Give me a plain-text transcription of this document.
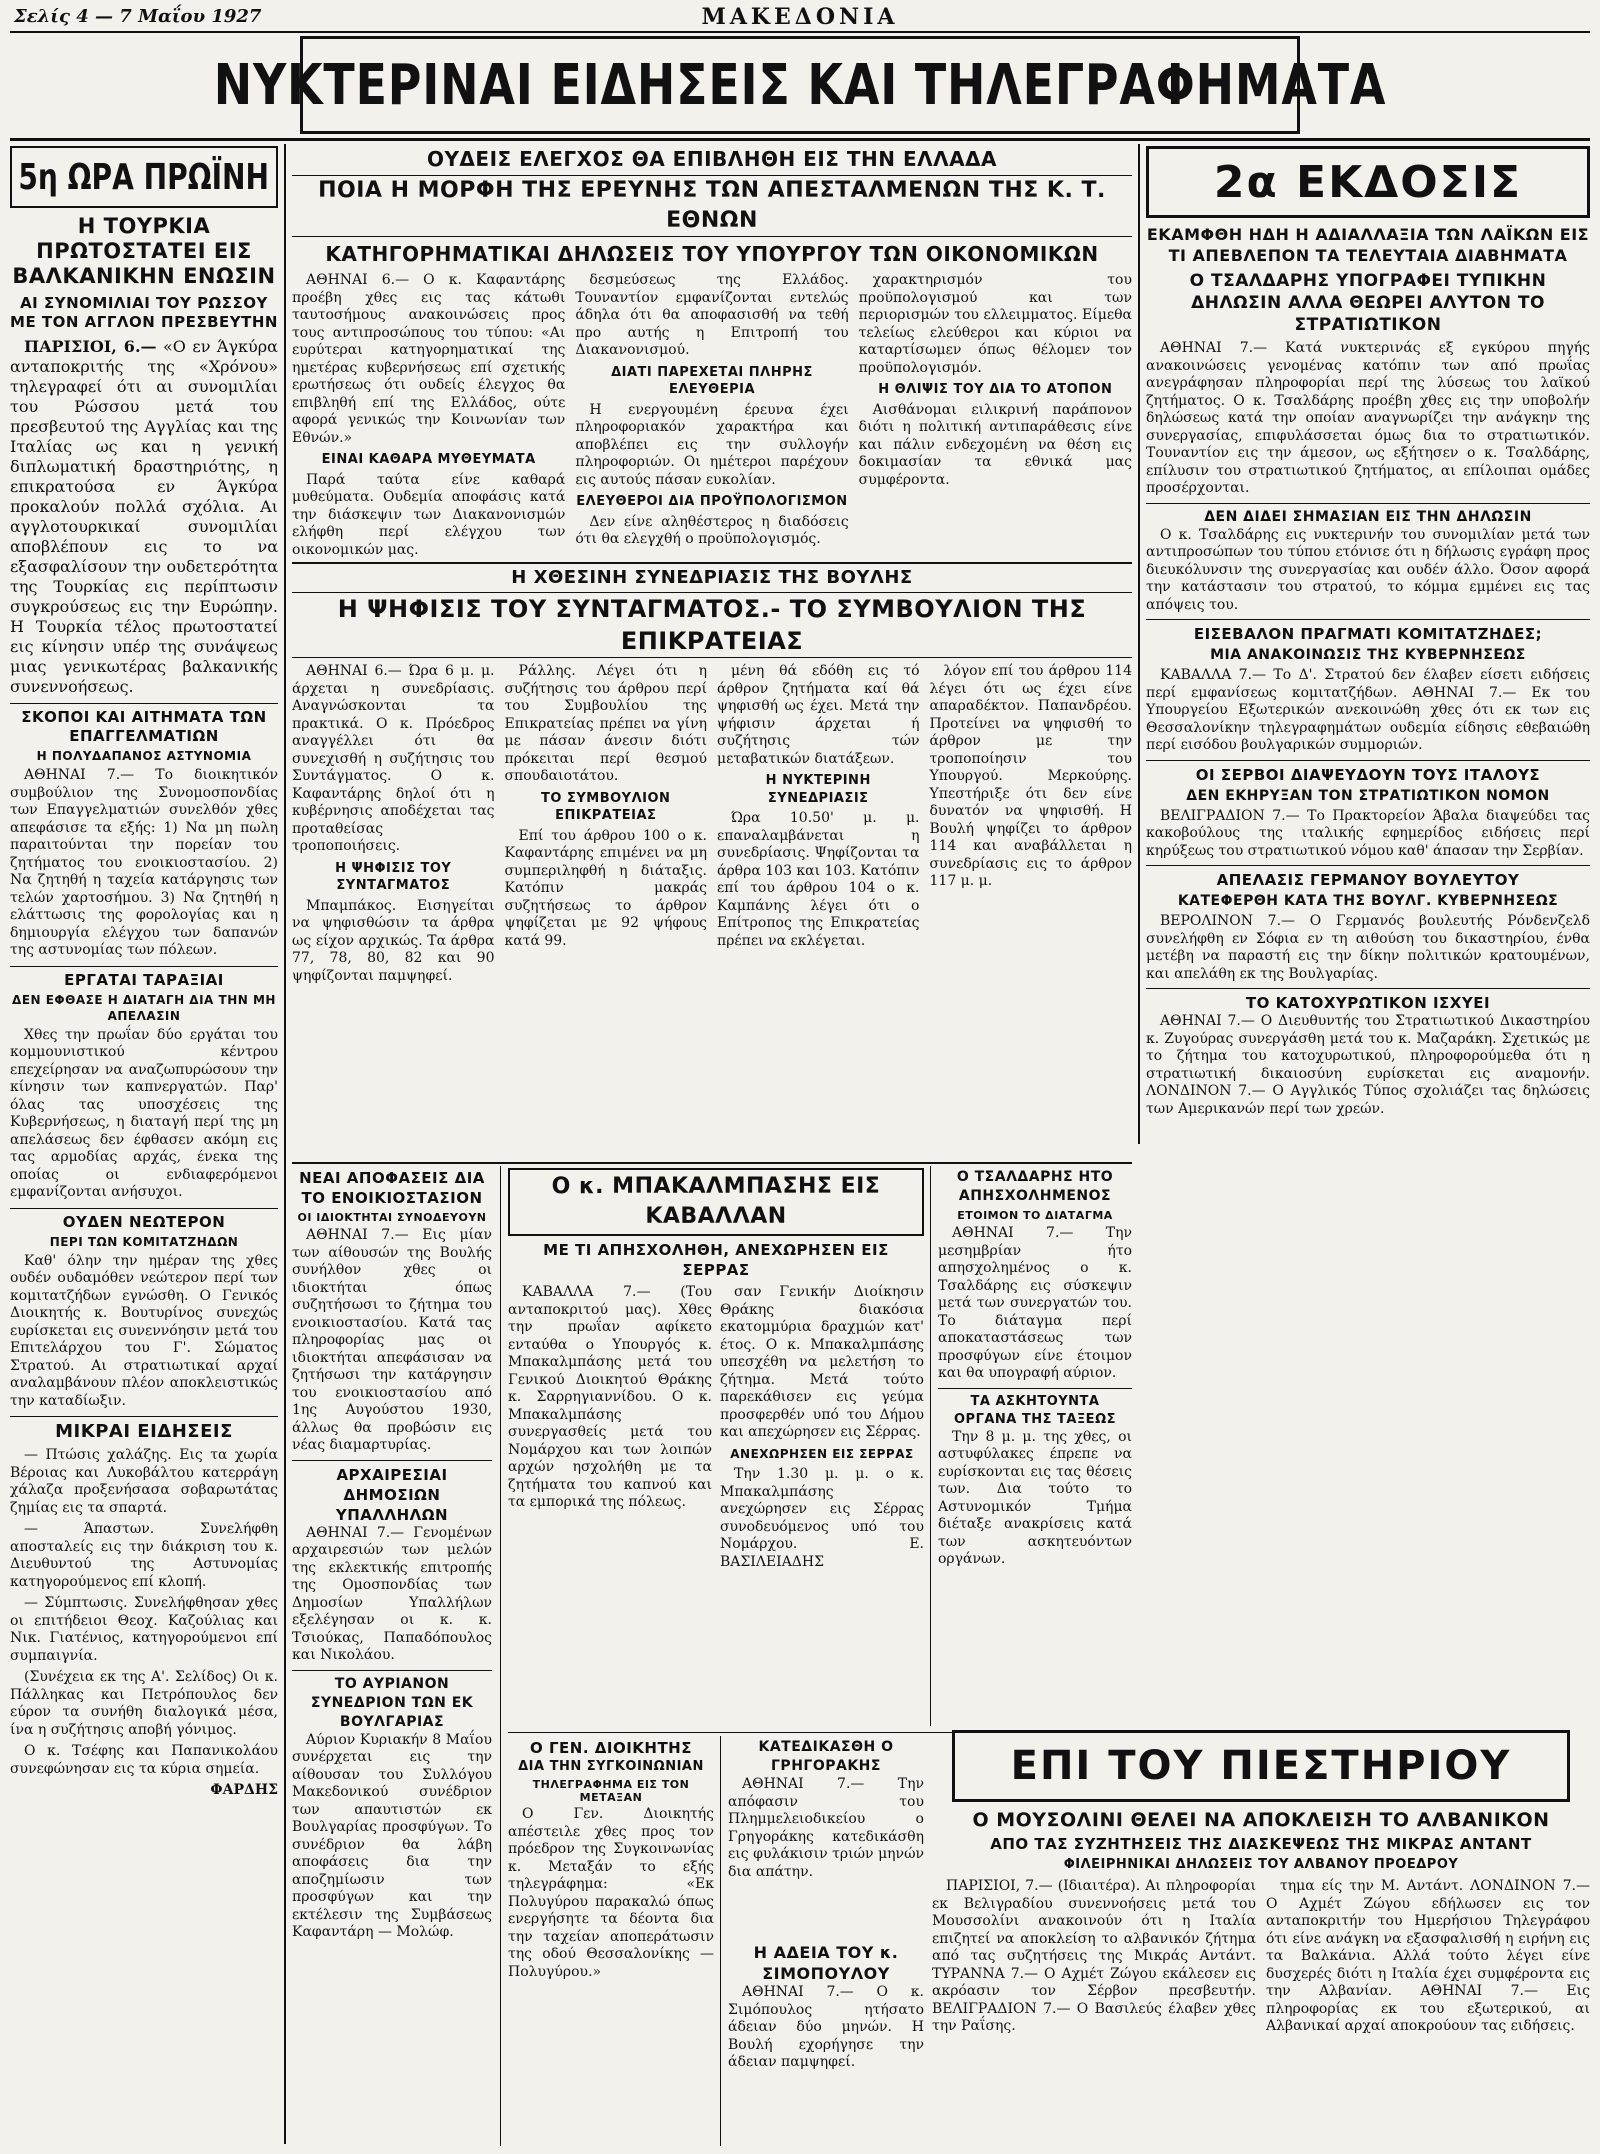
Σελίς 4 — 7 Μαΐου 1927	ΜΑΚΕΔΟΝΙΑ
ΝΥΚΤΕΡΙΝΑΙ ΕΙΔΗΣΕΙΣ ΚΑΙ ΤΗΛΕΓΡΑΦΗΜΑΤΑ
5η ΩΡΑ ΠΡΩΪΝΗ
Η ΤΟΥΡΚΙΑ ΠΡΩΤΟΣΤΑΤΕΙ ΕΙΣ ΒΑΛΚΑΝΙΚΗΝ ΕΝΩΣΙΝ
ΑΙ ΣΥΝΟΜΙΛΙΑΙ ΤΟΥ ΡΩΣΣΟΥ ΜΕ ΤΟΝ ΑΓΓΛΟΝ ΠΡΕΣΒΕΥΤΗΝ

ΠΑΡΙΣΙΟΙ, 6.— «Ο εν Άγκύρα ανταποκριτής της «Χρόνου» τηλεγραφεί ότι αι συνομιλίαι του Ρώσσου μετά του πρεσβευτού της Αγγλίας και της Ιταλίας ως και η γενική διπλωματική δραστηριότης, η επικρατούσα εν Άγκύρα προκαλούν πολλά σχόλια. Αι αγγλοτουρκικαί συνομιλίαι αποβλέπουν εις το να εξασφαλίσουν την ουδετερότητα της Τουρκίας εις περίπτωσιν συγκρούσεως εις την Ευρώπην. Η Τουρκία τέλος πρωτοστατεί εις κίνησιν υπέρ της συνάψεως μιας γενικωτέρας βαλκανικής συνεννοήσεως.

ΣΚΟΠΟΙ ΚΑΙ ΑΙΤΗΜΑΤΑ ΤΩΝ ΕΠΑΓΓΕΛΜΑΤΙΩΝ
Η ΠΟΛΥΔΑΠΑΝΟΣ ΑΣΤΥΝΟΜΙΑ

ΑΘΗΝΑΙ 7.— Το διοικητικόν συμβούλιον της Συνομοσπονδίας των Επαγγελματιών συνελθόν χθες απεφάσισε τα εξής: 1) Να μη πωλη παραιτούνται την πορείαν του ζητήματος του ενοικιοστασίου. 2) Να ζητηθή η ταχεία κατάργησις των τελών χαρτοσήμου. 3) Να ζητηθή η ελάττωσις της φορολογίας και η δημιουργία ελέγχου των δαπανών της αστυνομίας των πόλεων.

ΕΡΓΑΤΑΙ ΤΑΡΑΞΙΑΙ
ΔΕΝ ΕΦΘΑΣΕ Η ΔΙΑΤΑΓΗ ΔΙΑ ΤΗΝ ΜΗ ΑΠΕΛΑΣΙΝ

Χθες την πρωΐαν δύο εργάται του κομμουνιστικού κέντρου επεχείρησαν να αναζωπυρώσουν την κίνησιν των καπνεργατών. Παρ' όλας τας υποσχέσεις της Κυβερνήσεως, η διαταγή περί της μη απελάσεως δεν έφθασεν ακόμη εις τας αρμοδίας αρχάς, ένεκα της οποίας οι ενδιαφερόμενοι εμφανίζονται ανήσυχοι.

ΟΥΔΕΝ ΝΕΩΤΕΡΟΝ
ΠΕΡΙ ΤΩΝ ΚΟΜΙΤΑΤΖΗΔΩΝ

Καθ' όλην την ημέραν της χθες ουδέν ουδαμόθεν νεώτερον περί των κομιτατζήδων εγνώσθη. Ο Γενικός Διοικητής κ. Βουτυρίνος συνεχώς ευρίσκεται εις συνεννόησιν μετά του Επιτελάρχου του Γ'. Σώματος Στρατού. Αι στρατιωτικαί αρχαί αναλαμβάνουν πλέον αποκλειστικώς την καταδίωξιν.

ΜΙΚΡΑΙ ΕΙΔΗΣΕΙΣ

— Πτώσις χαλάζης. Εις τα χωρία Βέροιας και Λυκοβάλτου κατερράγη χάλαζα προξενήσασα σοβαρωτάτας ζημίας εις τα σπαρτά.

— Άπαστων. Συνελήφθη αποσταλείς εις την διάκριση του κ. Διευθυντού της Αστυνομίας κατηγορούμενος επί κλοπή.

— Σύμπτωσις. Συνελήφθησαν χθες οι επιτήδειοι Θεοχ. Καζούλιας και Νικ. Γιατένιος, κατηγορούμενοι επί συμπαιγνία.

(Συνέχεια εκ της Α'. Σελίδος) Οι κ. Πάλληκας και Πετρόπουλος δεν εύρον τα συνήθη διαλογικά μέσα, ίνα η συζήτησις αποβή γόνιμος.

Ο κ. Τσέφης και Παπανικολάου συνεφώνησαν εις τα κύρια σημεία.

ΦΑΡΔΗΣ

ΟΥΔΕΙΣ ΕΛΕΓΧΟΣ ΘΑ ΕΠΙΒΛΗΘΗ ΕΙΣ ΤΗΝ ΕΛΛΑΔΑ
ΠΟΙΑ Η ΜΟΡΦΗ ΤΗΣ ΕΡΕΥΝΗΣ ΤΩΝ ΑΠΕΣΤΑΛΜΕΝΩΝ ΤΗΣ Κ. Τ. ΕΘΝΩΝ
ΚΑΤΗΓΟΡΗΜΑΤΙΚΑΙ ΔΗΛΩΣΕΙΣ ΤΟΥ ΥΠΟΥΡΓΟΥ ΤΩΝ ΟΙΚΟΝΟΜΙΚΩΝ

ΑΘΗΝΑΙ 6.— Ο κ. Καφαντάρης προέβη χθες εις τας κάτωθι ταυτοσήμους ανακοινώσεις προς τους αντιπροσώπους του τύπου: «Αι ευρύτεραι κατηγορηματικαί της ημετέρας κυβερνήσεως επί σχετικής ερωτήσεως ότι ουδείς έλεγχος θα επιβληθή επί της Ελλάδος, ούτε αφορά γενικώς την Κοινωνίαν των Εθνών.»

ΕΙΝΑΙ ΚΑΘΑΡΑ ΜΥΘΕΥΜΑΤΑ

Παρά ταύτα είνε καθαρά μυθεύματα. Ουδεμία αποφάσις κατά την διάσκεψιν των Διακανονισμών ελήφθη περί ελέγχου των οικονομικών μας.

δεσμεύσεως της Ελλάδος. Τουναντίον εμφανίζονται εντελώς άδηλα ότι θα αποφασισθή να τεθή προ αυτής η Επιτροπή του Διακανονισμού.

ΔΙΑΤΙ ΠΑΡΕΧΕΤΑΙ ΠΛΗΡΗΣ ΕΛΕΥΘΕΡΙΑ

Η ενεργουμένη έρευνα έχει πληροφοριακόν χαρακτήρα και αποβλέπει εις την συλλογήν πληροφοριών. Οι ημέτεροι παρέχουν εις αυτούς πάσαν ευκολίαν.

ΕΛΕΥΘΕΡΟΙ ΔΙΑ ΠΡΟΫΠΟΛΟΓΙΣΜΟΝ

Δεν είνε αληθέστερος η διαδόσεις ότι θα ελεγχθή ο προϋπολογισμός.

χαρακτηρισμόν του προϋπολογισμού και των περιορισμών του ελλειμματος. Είμεθα τελείως ελεύθεροι και κύριοι να καταρτίσωμεν όπως θέλομεν τον προϋπολογισμόν.

Η ΘΛΙΨΙΣ ΤΟΥ ΔΙΑ ΤΟ ΑΤΟΠΟΝ

Αισθάνομαι ειλικρινή παράπονον διότι η πολιτική αντιπαράθεσις είνε και πάλιν ενδεχομένη να θέση εις δοκιμασίαν τα εθνικά μας συμφέροντα.

2α ΕΚΔΟΣΙΣ
ΕΚΑΜΦΘΗ ΗΔΗ Η ΑΔΙΑΛΛΑΞΙΑ ΤΩΝ ΛΑΪΚΩΝ ΕΙΣ ΤΙ ΑΠΕΒΛΕΠΟΝ ΤΑ ΤΕΛΕΥΤΑΙΑ ΔΙΑΒΗΜΑΤΑ
Ο ΤΣΑΛΔΑΡΗΣ ΥΠΟΓΡΑΦΕΙ ΤΥΠΙΚΗΝ ΔΗΛΩΣΙΝ ΑΛΛΑ ΘΕΩΡΕΙ ΑΛΥΤΟΝ ΤΟ ΣΤΡΑΤΙΩΤΙΚΟΝ

ΑΘΗΝΑΙ 7.— Κατά νυκτερινάς εξ εγκύρου πηγής ανακοινώσεις γενομένας κατόπιν των από πρωΐας ανεγράφησαν πληροφορίαι περί της λύσεως του λαϊκού ζητήματος. Ο κ. Τσαλδάρης προέβη χθες εις την υποβολήν δηλώσεως κατά την οποίαν αναγνωρίζει την ανάγκην της συνεργασίας, επιφυλάσσεται όμως δια το στρατιωτικόν. Τουναντίον εις την άμεσον, ως εξήτησεν ο κ. Τσαλδάρης, επίλυσιν του στρατιωτικού ζητήματος, αι επίλοιπαι ομάδες προσέρχονται.

ΔΕΝ ΔΙΔΕΙ ΣΗΜΑΣΙΑΝ ΕΙΣ ΤΗΝ ΔΗΛΩΣΙΝ

Ο κ. Τσαλδάρης εις νυκτερινήν του συνομιλίαν μετά των αντιπροσώπων του τύπου ετόνισε ότι η δήλωσις εγράφη προς διευκόλυνσιν της συνεργασίας και ουδέν άλλο. Όσον αφορά την κατάστασιν του στρατού, το κόμμα εμμένει εις τας απόψεις του.

ΕΙΣΕΒΑΛΟΝ ΠΡΑΓΜΑΤΙ ΚΟΜΙΤΑΤΖΗΔΕΣ;
ΜΙΑ ΑΝΑΚΟΙΝΩΣΙΣ ΤΗΣ ΚΥΒΕΡΝΗΣΕΩΣ

ΚΑΒΑΛΛΑ 7.— Το Δ'. Στρατού δεν έλαβεν είσετι ειδήσεις περί εμφανίσεως κομιτατζήδων. ΑΘΗΝΑΙ 7.— Εκ του Υπουργείου Εξωτερικών ανεκοινώθη χθες ότι εκ των εις Θεσσαλονίκην τηλεγραφημάτων ουδεμία είδησις εθεβαιώθη περί εισόδου βουλγαρικών συμμοριών.

ΟΙ ΣΕΡΒΟΙ ΔΙΑΨΕΥΔΟΥΝ ΤΟΥΣ ΙΤΑΛΟΥΣ
ΔΕΝ ΕΚΗΡΥΞΑΝ ΤΟΝ ΣΤΡΑΤΙΩΤΙΚΟΝ ΝΟΜΟΝ

ΒΕΛΙΓΡΑΔΙΟΝ 7.— Το Πρακτορείον Άβαλα διαψεύδει τας κακοβούλους της ιταλικής εφημερίδος ειδήσεις περί κηρύξεως του στρατιωτικού νόμου καθ' άπασαν την Σερβίαν.

ΑΠΕΛΑΣΙΣ ΓΕΡΜΑΝΟΥ ΒΟΥΛΕΥΤΟΥ
ΚΑΤΕΦΕΡΘΗ ΚΑΤΑ ΤΗΣ ΒΟΥΛΓ. ΚΥΒΕΡΝΗΣΕΩΣ

ΒΕΡΟΛΙΝΟΝ 7.— Ο Γερμανός βουλευτής Ρόνδενζελδ συνελήφθη εν Σόφια εν τη αιθούση του δικαστηρίου, ένθα μετέβη να παραστή εις την δίκην πολιτικών κρατουμένων, και απελάθη εκ της Βουλγαρίας.

ΤΟ ΚΑΤΟΧΥΡΩΤΙΚΟΝ ΙΣΧΥΕΙ

ΑΘΗΝΑΙ 7.— Ο Διευθυντής του Στρατιωτικού Δικαστηρίου κ. Ζυγούρας συνεργάσθη μετά του κ. Μαζαράκη. Σχετικώς με το ζήτημα του κατοχυρωτικού, πληροφορούμεθα ότι η στρατιωτική δικαιοσύνη ευρίσκεται εις αναμονήν. ΛΟΝΔΙΝΟΝ 7.— Ο Αγγλικός Τύπος σχολιάζει τας δηλώσεις των Αμερικανών περί των χρεών.

Η ΧΘΕΣΙΝΗ ΣΥΝΕΔΡΙΑΣΙΣ ΤΗΣ ΒΟΥΛΗΣ
Η ΨΗΦΙΣΙΣ ΤΟΥ ΣΥΝΤΑΓΜΑΤΟΣ.- ΤΟ ΣΥΜΒΟΥΛΙΟΝ ΤΗΣ ΕΠΙΚΡΑΤΕΙΑΣ

ΑΘΗΝΑΙ 6.— Ώρα 6 μ. μ. άρχεται η συνεδρίασις. Αναγνώσκονται τα πρακτικά. Ο κ. Πρόεδρος αναγγέλλει ότι θα συνεχισθή η συζήτησις του Συντάγματος. Ο κ. Καφαντάρης δηλοί ότι η κυβέρνησις αποδέχεται τας προταθείσας τροποποιήσεις.

Η ΨΗΦΙΣΙΣ ΤΟΥ ΣΥΝΤΑΓΜΑΤΟΣ

Μπαμπάκος. Εισηγείται να ψηφισθώσιν τα άρθρα ως είχον αρχικώς. Τα άρθρα 77, 78, 80, 82 και 90 ψηφίζονται παμψηφεί.

Ράλλης. Λέγει ότι η συζήτησις του άρθρου περί του Συμβουλίου της Επικρατείας πρέπει να γίνη με πάσαν άνεσιν διότι πρόκειται περί θεσμού σπουδαιοτάτου.

ΤΟ ΣΥΜΒΟΥΛΙΟΝ ΕΠΙΚΡΑΤΕΙΑΣ

Επί του άρθρου 100 ο κ. Καφαντάρης επιμένει να μη συμπεριληφθή η διάταξις. Κατόπιν μακράς συζητήσεως το άρθρον ψηφίζεται με 92 ψήφους κατά 99.

μένη θά εδόθη εις τό άρθρον ζητήματα καί θά ψηφισθή ως έχει. Μετά την ψήφισιν άρχεται ή συζήτησις τών μεταβατικών διατάξεων.

Η ΝΥΚΤΕΡΙΝΗ ΣΥΝΕΔΡΙΑΣΙΣ

Ώρα 10.50' μ. μ. επαναλαμβάνεται η συνεδρίασις. Ψηφίζονται τα άρθρα 103 και 103. Κατόπιν επί του άρθρου 104 ο κ. Καμπάνης λέγει ότι ο Επίτροπος της Επικρατείας πρέπει να εκλέγεται.

λόγον επί του άρθρου 114 λέγει ότι ως έχει είνε απαραδέκτον. Παπανδρέου. Προτείνει να ψηφισθή το άρθρον με την τροποποίησιν του Υπουργού. Μερκούρης. Υπεστήριξε ότι δεν είνε δυνατόν να ψηφισθή. Η Βουλή ψηφίζει το άρθρον 114 και αναβάλλεται η συνεδρίασις εις το άρθρον 117 μ. μ.

ΝΕΑΙ ΑΠΟΦΑΣΕΙΣ ΔΙΑ ΤΟ ΕΝΟΙΚΙΟΣΤΑΣΙΟΝ
ΟΙ ΙΔΙΟΚΤΗΤΑΙ ΣΥΝΟΔΕΥΟΥΝ

ΑΘΗΝΑΙ 7.— Εις μίαν των αίθουσών της Βουλής συνήλθον χθες οι ιδιοκτήται όπως συζητήσωσι το ζήτημα του ενοικιοστασίου. Κατά τας πληροφορίας μας οι ιδιοκτήται απεφάσισαν να ζητήσωσι την κατάργησιν του ενοικιοστασίου από 1ης Αυγούστου 1930, άλλως θα προβώσιν εις νέας διαμαρτυρίας.

ΑΡΧΑΙΡΕΣΙΑΙ ΔΗΜΟΣΙΩΝ ΥΠΑΛΛΗΛΩΝ

ΑΘΗΝΑΙ 7.— Γενομένων αρχαιρεσιών των μελών της εκλεκτικής επιτροπής της Ομοσπονδίας των Δημοσίων Υπαλλήλων εξελέγησαν οι κ. κ. Τσιούκας, Παπαδόπουλος και Νικολάου.

ΤΟ ΑΥΡΙΑΝΟΝ ΣΥΝΕΔΡΙΟΝ ΤΩΝ ΕΚ ΒΟΥΛΓΑΡΙΑΣ

Αύριον Κυριακήν 8 Μαΐου συνέρχεται εις την αίθουσαν του Συλλόγου Μακεδονικού συνέδριον των απαυτιστών εκ Βουλγαρίας προσφύγων. Το συνέδριον θα λάβη αποφάσεις δια την αποζημίωσιν των προσφύγων και την εκτέλεσιν της Συμβάσεως Καφαντάρη — Μολώφ.

Ο κ. ΜΠΑΚΑΛΜΠΑΣΗΣ ΕΙΣ ΚΑΒΑΛΛΑΝ
ΜΕ ΤΙ ΑΠΗΣΧΟΛΗΘΗ, ΑΝΕΧΩΡΗΣΕΝ ΕΙΣ ΣΕΡΡΑΣ

ΚΑΒΑΛΛΑ 7.— (Του ανταποκριτού μας). Χθες την πρωΐαν αφίκετο ενταύθα ο Υπουργός κ. Μπακαλμπάσης μετά του Γενικού Διοικητού Θράκης κ. Σαρρηγιαννίδου. Ο κ. Μπακαλμπάσης συνεργασθείς μετά του Νομάρχου και των λοιπών αρχών ησχολήθη με τα ζητήματα του καπνού και τα εμπορικά της πόλεως.

σαν Γενικήν Διοίκησιν Θράκης διακόσια εκατομμύρια δραχμών κατ' έτος. Ο κ. Μπακαλμπάσης υπεσχέθη να μελετήση το ζήτημα. Μετά τούτο παρεκάθισεν εις γεύμα προσφερθέν υπό του Δήμου και απεχώρησεν εις Σέρρας.

ΑΝΕΧΩΡΗΣΕΝ ΕΙΣ ΣΕΡΡΑΣ

Την 1.30 μ. μ. ο κ. Μπακαλμπάσης ανεχώρησεν εις Σέρρας συνοδευόμενος υπό του Νομάρχου. Ε. ΒΑΣΙΛΕΙΑΔΗΣ

Ο ΤΣΑΛΔΑΡΗΣ ΗΤΟ ΑΠΗΣΧΟΛΗΜΕΝΟΣ
ΕΤΟΙΜΟΝ ΤΟ ΔΙΑΤΑΓΜΑ

ΑΘΗΝΑΙ 7.— Την μεσημβρίαν ήτο απησχολημένος ο κ. Τσαλδάρης εις σύσκεψιν μετά των συνεργατών του. Το διάταγμα περί αποκαταστάσεως των προσφύγων είνε έτοιμον και θα υπογραφή αύριον.

ΤΑ ΑΣΚΗΤΟΥΝΤΑ ΟΡΓΑΝΑ ΤΗΣ ΤΑΞΕΩΣ

Την 8 μ. μ. της χθες, οι αστυφύλακες έπρεπε να ευρίσκονται εις τας θέσεις των. Δια τούτο το Αστυνομικόν Τμήμα διέταξε ανακρίσεις κατά των ασκητευόντων οργάνων.

Ο ΓΕΝ. ΔΙΟΙΚΗΤΗΣ
ΔΙΑ ΤΗΝ ΣΥΓΚΟΙΝΩΝΙΑΝ
ΤΗΛΕΓΡΑΦΗΜΑ ΕΙΣ ΤΟΝ ΜΕΤΑΞΑΝ

Ο Γεν. Διοικητής απέστειλε χθες προς τον πρόεδρον της Συγκοινωνίας κ. Μεταξάν το εξής τηλεγράφημα: «Εκ Πολυγύρου παρακαλώ όπως ενεργήσητε τα δέοντα δια την ταχείαν αποπεράτωσιν της οδού Θεσσαλονίκης — Πολυγύρου.»

ΚΑΤΕΔΙΚΑΣΘΗ Ο ΓΡΗΓΟΡΑΚΗΣ

ΑΘΗΝΑΙ 7.— Την απόφασιν του Πλημμελειοδικείου ο Γρηγοράκης κατεδικάσθη εις φυλάκισιν τριών μηνών δια απάτην.

Η ΑΔΕΙΑ ΤΟΥ κ. ΣΙΜΟΠΟΥΛΟΥ

ΑΘΗΝΑΙ 7.— Ο κ. Σιμόπουλος ητήσατο άδειαν δύο μηνών. Η Βουλή εχορήγησε την άδειαν παμψηφεί.

ΕΠΙ ΤΟΥ ΠΙΕΣΤΗΡΙΟΥ
Ο ΜΟΥΣΟΛΙΝΙ ΘΕΛΕΙ ΝΑ ΑΠΟΚΛΕΙΣΗ ΤΟ ΑΛΒΑΝΙΚΟΝ
ΑΠΟ ΤΑΣ ΣΥΖΗΤΗΣΕΙΣ ΤΗΣ ΔΙΑΣΚΕΨΕΩΣ ΤΗΣ ΜΙΚΡΑΣ ΑΝΤΑΝΤ
ΦΙΛΕΙΡΗΝΙΚΑΙ ΔΗΛΩΣΕΙΣ ΤΟΥ ΑΛΒΑΝΟΥ ΠΡΟΕΔΡΟΥ

ΠΑΡΙΣΙΟΙ, 7.— (Ιδιαιτέρα). Αι πληροφορίαι εκ Βελιγραδίου συνεννοήσεις μετά του Μουσσολίνι ανακοινούν ότι η Ιταλία επιζητεί να αποκλείση το αλβανικόν ζήτημα από τας συζητήσεις της Μικράς Αντάντ. ΤΥΡΑΝΝΑ 7.— Ο Αχμέτ Ζώγου εκάλεσεν εις ακρόασιν τον Σέρβον πρεσβευτήν. ΒΕΛΙΓΡΑΔΙΟΝ 7.— Ο Βασιλεύς έλαβεν χθες την Ραΐσης.

τημα είς την Μ. Αντάντ. ΛΟΝΔΙΝΟΝ 7.— Ο Αχμέτ Ζώγου εδήλωσεν εις τον ανταποκριτήν του Ημερήσιου Τηλεγράφου ότι είνε ανάγκη να εξασφαλισθή η ειρήνη εις τα Βαλκάνια. Αλλά τούτο λέγει είνε δυσχερές διότι η Ιταλία έχει συμφέροντα εις την Αλβανίαν. ΑΘΗΝΑΙ 7.— Εις πληροφορίας εκ του εξωτερικού, αι Αλβανικαί αρχαί αποκρούουν τας ειδήσεις.
